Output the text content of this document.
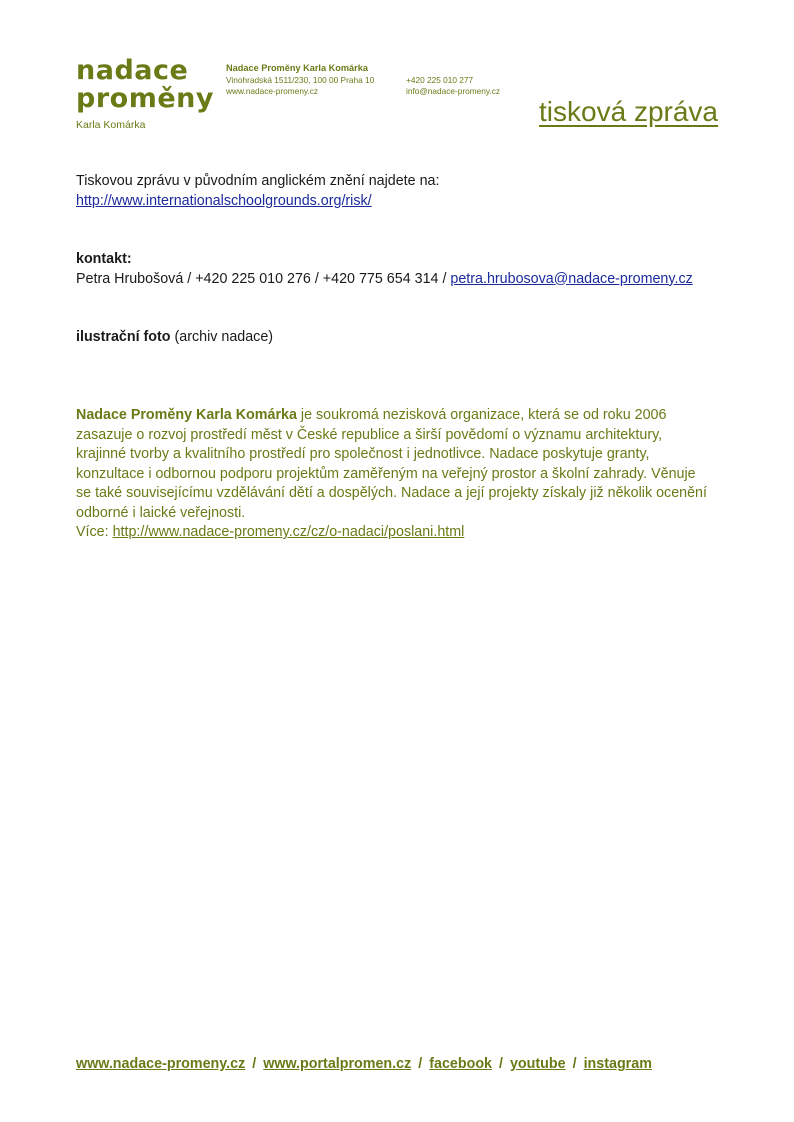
nadace
proměny
Karla Komárka
Nadace Proměny Karla Komárka
Vinohradská 1511/230, 100 00 Praha 10
www.nadace-promeny.cz
+420 225 010 277
info@nadace-promeny.cz
tisková zpráva
Tiskovou zprávu v původním anglickém znění najdete na:
http://www.internationalschoolgrounds.org/risk/
kontakt:
Petra Hrubošová / +420 225 010 276 / +420 775 654 314 / petra.hrubosova@nadace-promeny.cz
ilustrační foto (archiv nadace)
Nadace Proměny Karla Komárka je soukromá nezisková organizace, která se od roku 2006
zasazuje o rozvoj prostředí měst v České republice a širší povědomí o významu architektury,
krajinné tvorby a kvalitního prostředí pro společnost i jednotlivce. Nadace poskytuje granty,
konzultace i odbornou podporu projektům zaměřeným na veřejný prostor a školní zahrady. Věnuje
se také souvisejícímu vzdělávání dětí a dospělých. Nadace a její projekty získaly již několik ocenění
odborné i laické veřejnosti.
Více: http://www.nadace-promeny.cz/cz/o-nadaci/poslani.html
www.nadace-promeny.cz / www.portalpromen.cz / facebook / youtube / instagram
